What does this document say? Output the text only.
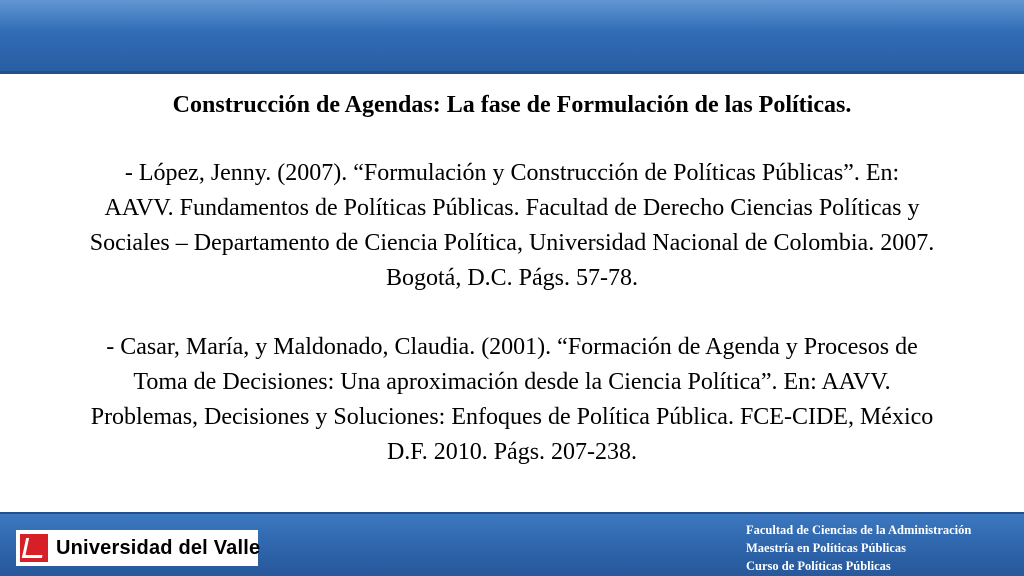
Construcción de Agendas: La fase de Formulación de las Políticas.

- López, Jenny. (2007). “Formulación y Construcción de Políticas Públicas”. En:
AAVV. Fundamentos de Políticas Públicas. Facultad de Derecho Ciencias Políticas y
Sociales – Departamento de Ciencia Política, Universidad Nacional de Colombia. 2007.
Bogotá, D.C. Págs. 57-78.

- Casar, María, y Maldonado, Claudia. (2001). “Formación de Agenda y Procesos de
Toma de Decisiones: Una aproximación desde la Ciencia Política”. En: AAVV.
Problemas, Decisiones y Soluciones: Enfoques de Política Pública. FCE-CIDE, México
D.F. 2010. Págs. 207-238.

Universidad del Valle
Facultad de Ciencias de la Administración
Maestría en Políticas Públicas
Curso de Políticas Públicas
